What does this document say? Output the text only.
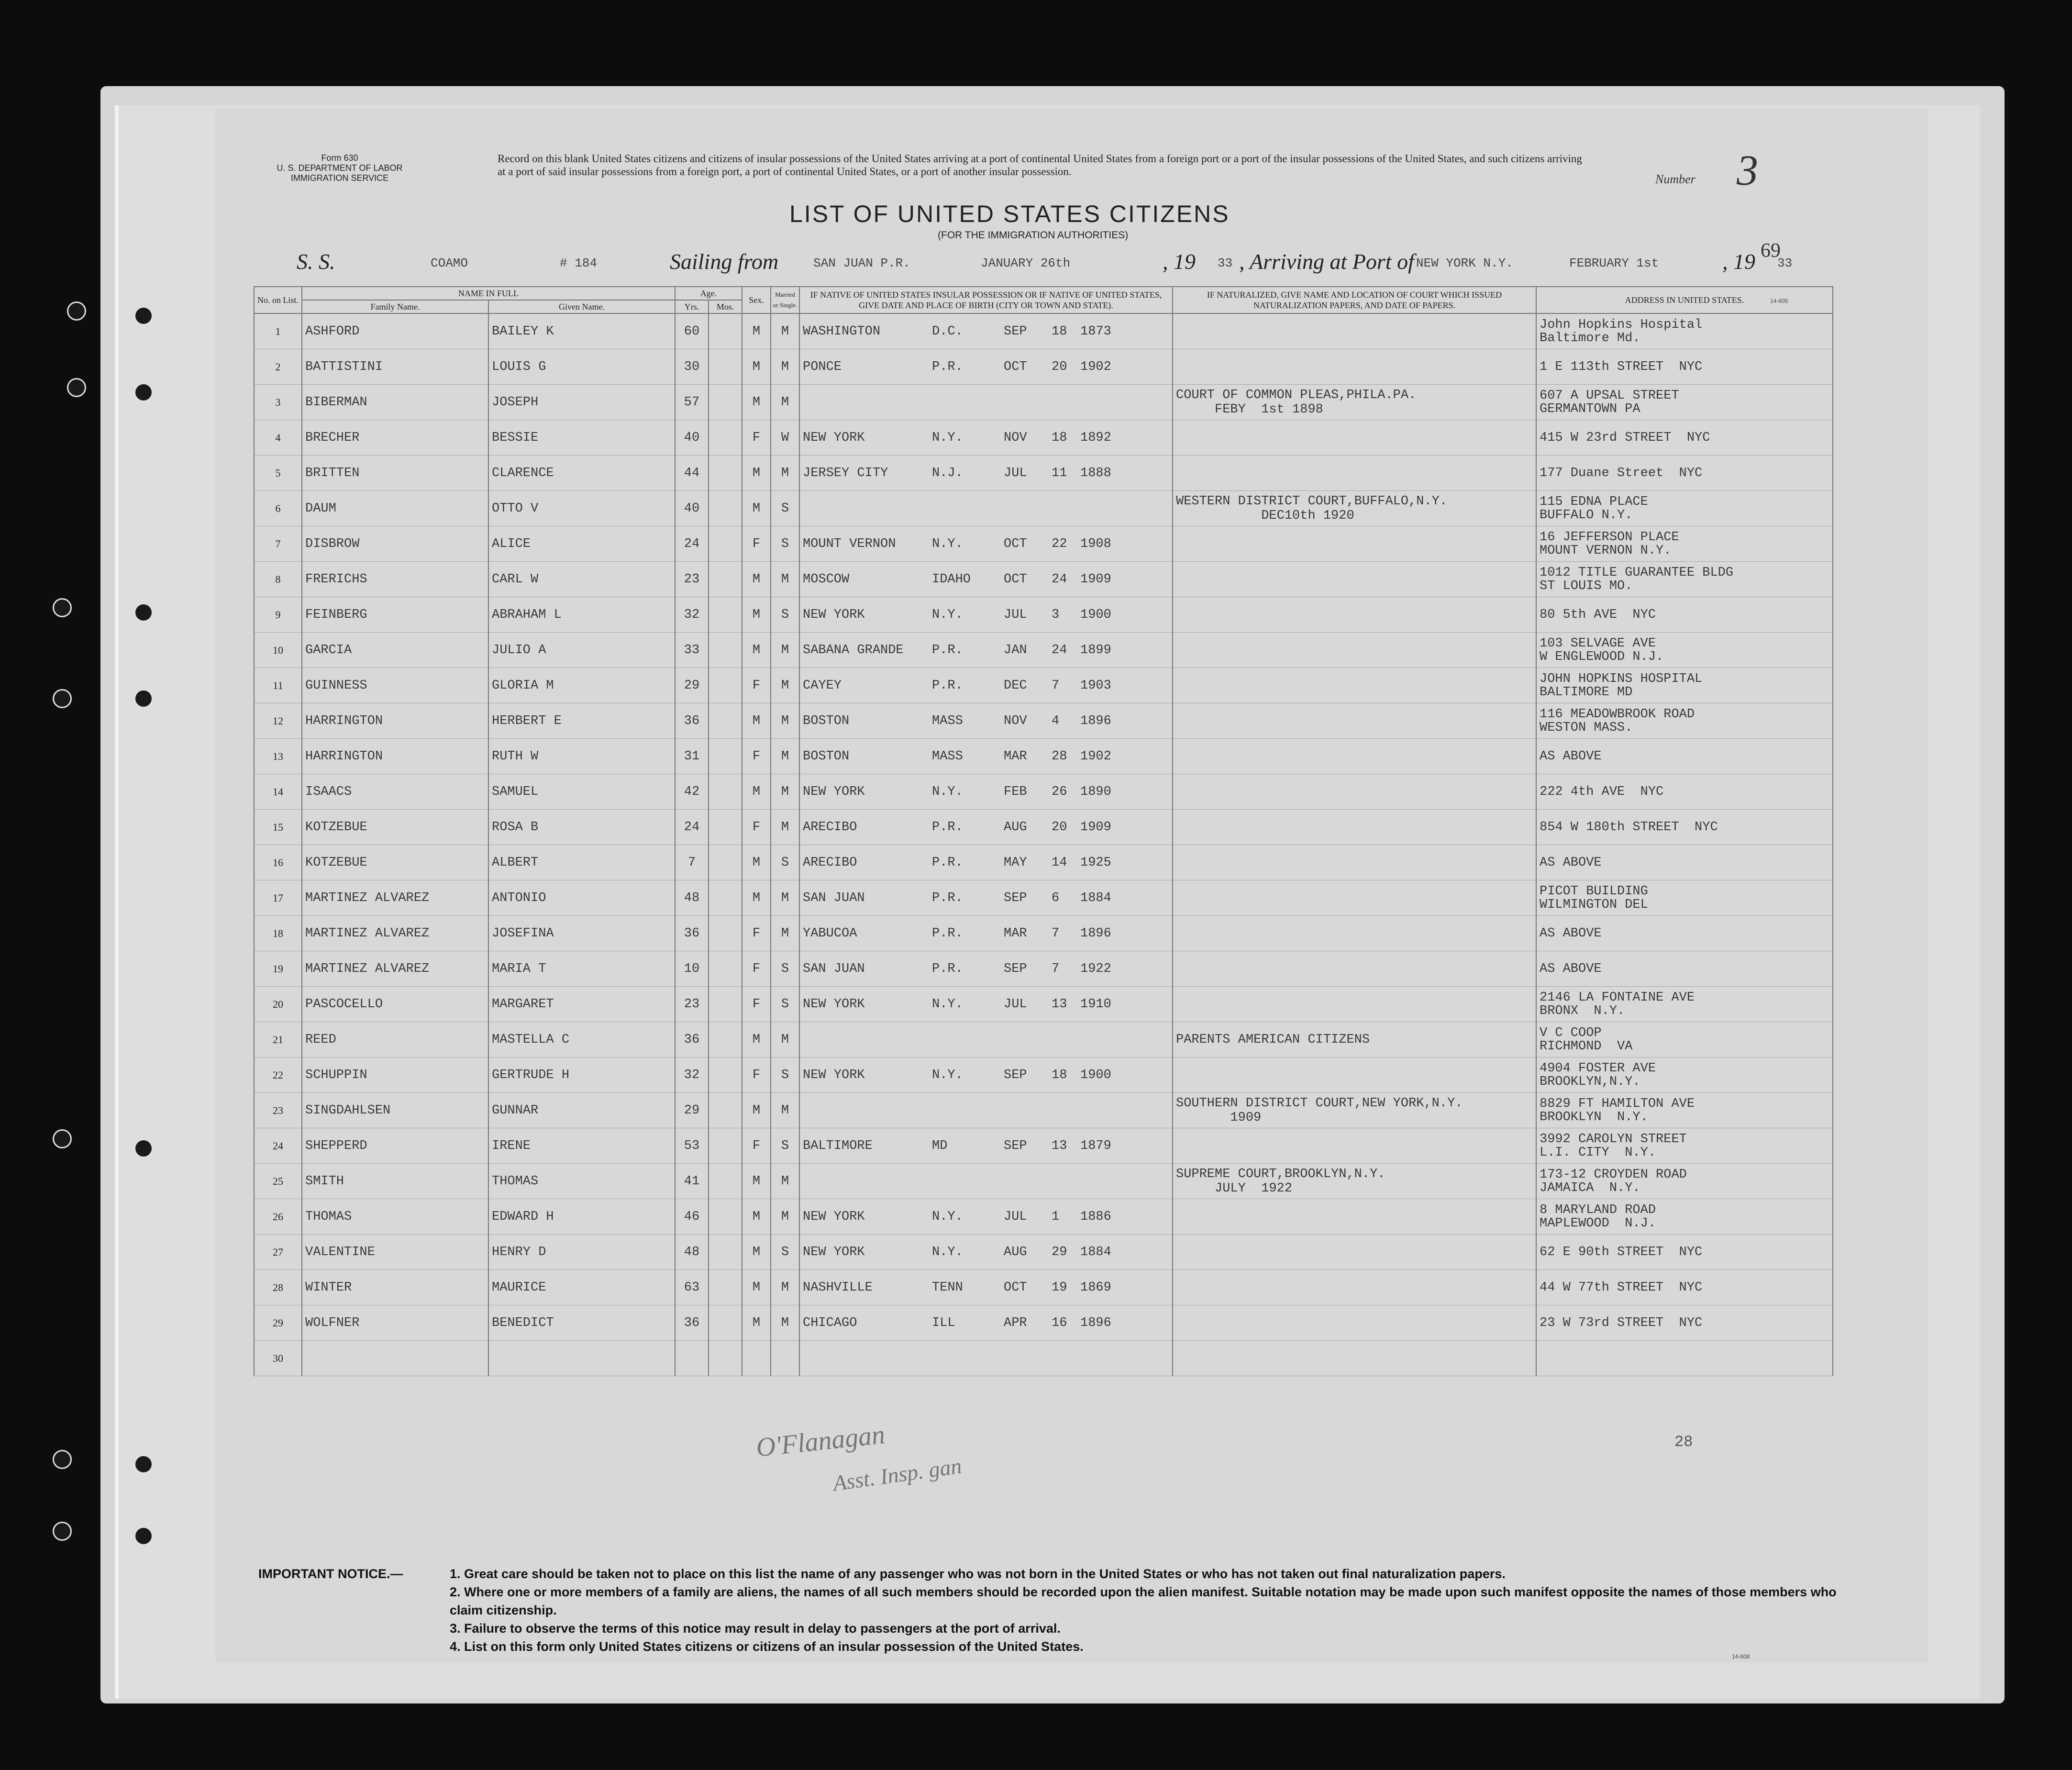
Form 630
U. S. DEPARTMENT OF LABOR
IMMIGRATION SERVICE
Record on this blank United States citizens and citizens of insular possessions of the United States arriving at a port of continental United States from a foreign port or a port of the insular possessions of the United States, and such citizens arriving at a port of said insular possessions from a foreign port, a port of continental United States, or a port of another insular possession.
Number 3
LIST OF UNITED STATES CITIZENS
(FOR THE IMMIGRATION AUTHORITIES)
69
S. S.	COAMO	# 184	Sailing from	SAN JUAN P.R.	JANUARY 26th	, 19 33 , Arriving at Port of NEW YORK N.Y.	FEBRUARY 1st	, 19 33
14-605
No. on List.	NAME IN FULL		Age.		Sex.	Married or Single.	IF NATIVE OF UNITED STATES INSULAR POSSESSION OR IF NATIVE OF UNITED STATES, GIVE DATE AND PLACE OF BIRTH (CITY OR TOWN AND STATE).	IF NATURALIZED, GIVE NAME AND LOCATION OF COURT WHICH ISSUED NATURALIZATION PAPERS, AND DATE OF PAPERS.	ADDRESS IN UNITED STATES.
	Family Name.	Given Name.	Yrs.	Mos.					
1	ASHFORD	BAILEY K	60		M	M	WASHINGTON D.C. SEP 18 1873		John Hopkins Hospital
Baltimore Md.
2	BATTISTINI	LOUIS G	30		M	M	PONCE P.R. OCT 20 1902		1 E 113th STREET  NYC
3	BIBERMAN	JOSEPH	57		M	M		COURT OF COMMON PLEAS,PHILA.PA.
FEBY  1st 1898	607 A UPSAL STREET
GERMANTOWN PA
4	BRECHER	BESSIE	40		F	W	NEW YORK N.Y. NOV 18 1892		415 W 23rd STREET  NYC
5	BRITTEN	CLARENCE	44		M	M	JERSEY CITY N.J. JUL 11 1888		177 Duane Street  NYC
6	DAUM	OTTO V	40		M	S		WESTERN DISTRICT COURT,BUFFALO,N.Y.
DEC10th 1920	115 EDNA PLACE
BUFFALO N.Y.
7	DISBROW	ALICE	24		F	S	MOUNT VERNON N.Y. OCT 22 1908		16 JEFFERSON PLACE
MOUNT VERNON N.Y.
8	FRERICHS	CARL W	23		M	M	MOSCOW IDAHO OCT 24 1909		1012 TITLE GUARANTEE BLDG
ST LOUIS MO.
9	FEINBERG	ABRAHAM L	32		M	S	NEW YORK N.Y. JUL 3 1900		80 5th AVE  NYC
10	GARCIA	JULIO A	33		M	M	SABANA GRANDE P.R. JAN 24 1899		103 SELVAGE AVE
W ENGLEWOOD N.J.
11	GUINNESS	GLORIA M	29		F	M	CAYEY P.R. DEC 7 1903		JOHN HOPKINS HOSPITAL
BALTIMORE MD
12	HARRINGTON	HERBERT E	36		M	M	BOSTON MASS NOV 4 1896		116 MEADOWBROOK ROAD
WESTON MASS.
13	HARRINGTON	RUTH W	31		F	M	BOSTON MASS MAR 28 1902		AS ABOVE
14	ISAACS	SAMUEL	42		M	M	NEW YORK N.Y. FEB 26 1890		222 4th AVE  NYC
15	KOTZEBUE	ROSA B	24		F	M	ARECIBO P.R. AUG 20 1909		854 W 180th STREET  NYC
16	KOTZEBUE	ALBERT	7		M	S	ARECIBO P.R. MAY 14 1925		AS ABOVE
17	MARTINEZ ALVAREZ	ANTONIO	48		M	M	SAN JUAN P.R. SEP 6 1884		PICOT BUILDING
WILMINGTON DEL
18	MARTINEZ ALVAREZ	JOSEFINA	36		F	M	YABUCOA P.R. MAR 7 1896		AS ABOVE
19	MARTINEZ ALVAREZ	MARIA T	10		F	S	SAN JUAN P.R. SEP 7 1922		AS ABOVE
20	PASCOCELLO	MARGARET	23		F	S	NEW YORK N.Y. JUL 13 1910		2146 LA FONTAINE AVE
BRONX  N.Y.
21	REED	MASTELLA C	36		M	M		PARENTS AMERICAN CITIZENS	V C COOP
RICHMOND  VA
22	SCHUPPIN	GERTRUDE H	32		F	S	NEW YORK N.Y. SEP 18 1900		4904 FOSTER AVE
BROOKLYN,N.Y.
23	SINGDAHLSEN	GUNNAR	29		M	M		SOUTHERN DISTRICT COURT,NEW YORK,N.Y.
1909	8829 FT HAMILTON AVE
BROOKLYN  N.Y.
24	SHEPPERD	IRENE	53		F	S	BALTIMORE MD SEP 13 1879		3992 CAROLYN STREET
L.I. CITY  N.Y.
25	SMITH	THOMAS	41		M	M		SUPREME COURT,BROOKLYN,N.Y.
JULY  1922	173-12 CROYDEN ROAD
JAMAICA  N.Y.
26	THOMAS	EDWARD H	46		M	M	NEW YORK N.Y. JUL 1 1886		8 MARYLAND ROAD
MAPLEWOOD  N.J.
27	VALENTINE	HENRY D	48		M	S	NEW YORK N.Y. AUG 29 1884		62 E 90th STREET  NYC
28	WINTER	MAURICE	63		M	M	NASHVILLE TENN OCT 19 1869		44 W 77th STREET  NYC
29	WOLFNER	BENEDICT	36		M	M	CHICAGO ILL APR 16 1896		23 W 73rd STREET  NYC
30									
O'Flanagan
Asst. Insp. gan
28
IMPORTANT NOTICE.—	1. Great care should be taken not to place on this list the name of any passenger who was not born in the United States or who has not taken out final naturalization papers.
2. Where one or more members of a family are aliens, the names of all such members should be recorded upon the alien manifest. Suitable notation may be made upon such manifest opposite the names of those members who claim citizenship.
3. Failure to observe the terms of this notice may result in delay to passengers at the port of arrival.
4. List on this form only United States citizens or citizens of an insular possession of the United States.
14-608
